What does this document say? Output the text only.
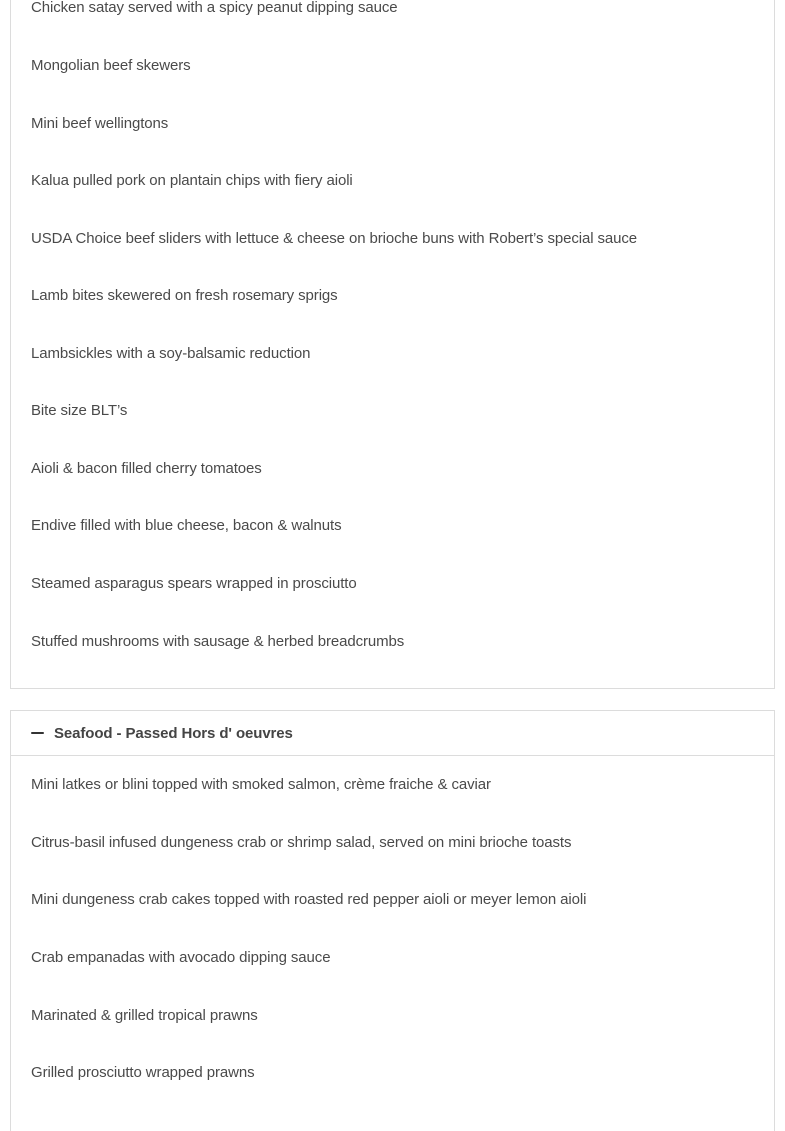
Chicken satay served with a spicy peanut dipping sauce
Mongolian beef skewers
Mini beef wellingtons
Kalua pulled pork on plantain chips with fiery aioli
USDA Choice beef sliders with lettuce & cheese on brioche buns with Robert’s special sauce
Lamb bites skewered on fresh rosemary sprigs
Lambsickles with a soy-balsamic reduction
Bite size BLT’s
Aioli & bacon filled cherry tomatoes
Endive filled with blue cheese, bacon & walnuts
Steamed asparagus spears wrapped in prosciutto
Stuffed mushrooms with sausage & herbed breadcrumbs
Seafood - Passed Hors d' oeuvres
Mini latkes or blini topped with smoked salmon, crème fraiche & caviar
Citrus-basil infused dungeness crab or shrimp salad, served on mini brioche toasts
Mini dungeness crab cakes topped with roasted red pepper aioli or meyer lemon aioli
Crab empanadas with avocado dipping sauce
Marinated & grilled tropical prawns
Grilled prosciutto wrapped prawns
